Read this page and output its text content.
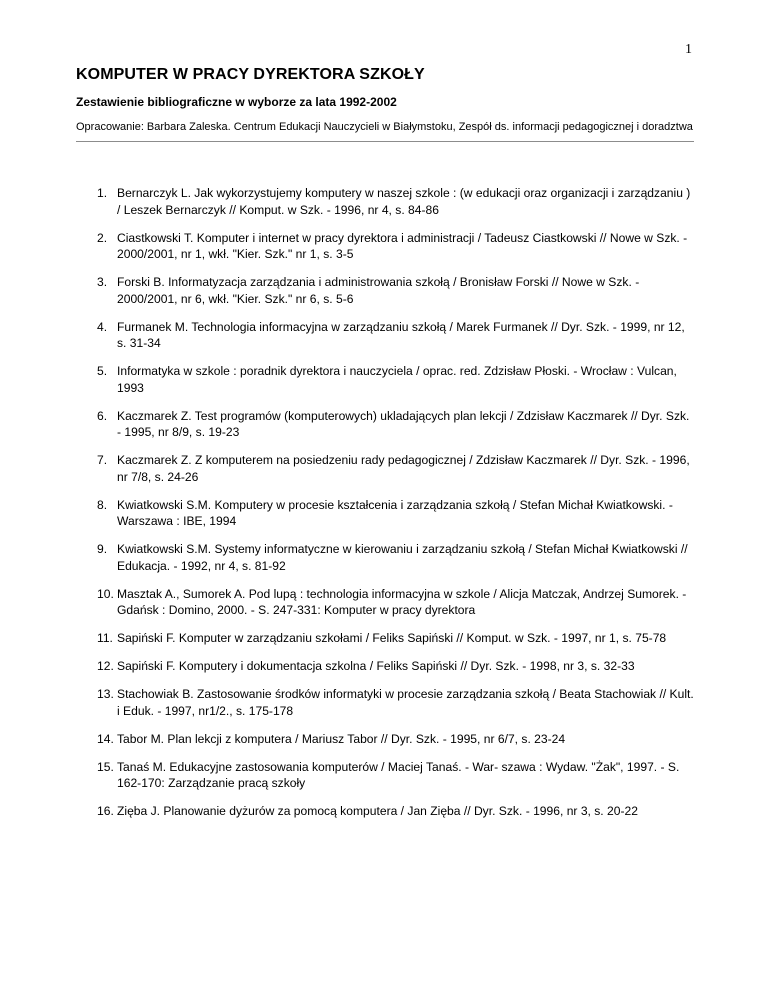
1
KOMPUTER W PRACY DYREKTORA SZKOŁY
Zestawienie bibliograficzne w wyborze za lata 1992-2002
Opracowanie: Barbara Zaleska. Centrum Edukacji Nauczycieli w Białymstoku, Zespół ds. informacji pedagogicznej i doradztwa
1. Bernarczyk L. Jak wykorzystujemy komputery w naszej szkole : (w edukacji oraz organizacji i zarządzaniu ) / Leszek Bernarczyk // Komput. w Szk. - 1996, nr 4, s. 84-86
2. Ciastkowski T. Komputer i internet w pracy dyrektora i administracji / Tadeusz Ciastkowski // Nowe w Szk. - 2000/2001, nr 1, wkł. "Kier. Szk." nr 1, s. 3-5
3. Forski B. Informatyzacja zarządzania i administrowania szkołą / Bronisław Forski // Nowe w Szk. - 2000/2001, nr 6, wkł. "Kier. Szk." nr 6, s. 5-6
4. Furmanek M. Technologia informacyjna w zarządzaniu szkołą / Marek Furmanek // Dyr. Szk. - 1999, nr 12, s. 31-34
5. Informatyka w szkole : poradnik dyrektora i nauczyciela / oprac. red. Zdzisław Płoski. - Wrocław : Vulcan, 1993
6. Kaczmarek Z. Test programów (komputerowych) ukladających plan lekcji / Zdzisław Kaczmarek // Dyr. Szk. - 1995, nr 8/9, s. 19-23
7. Kaczmarek Z. Z komputerem na posiedzeniu rady pedagogicznej / Zdzisław Kaczmarek // Dyr. Szk. - 1996, nr 7/8, s. 24-26
8. Kwiatkowski S.M. Komputery w procesie kształcenia i zarządzania szkołą / Stefan Michał Kwiatkowski. - Warszawa : IBE, 1994
9. Kwiatkowski S.M. Systemy informatyczne w kierowaniu i zarządzaniu szkołą / Stefan Michał Kwiatkowski // Edukacja. - 1992, nr 4, s. 81-92
10. Masztak A., Sumorek A. Pod lupą : technologia informacyjna w szkole / Alicja Matczak, Andrzej Sumorek. - Gdańsk : Domino, 2000. - S. 247-331: Komputer w pracy dyrektora
11. Sapiński F. Komputer w zarządzaniu szkołami / Feliks Sapiński // Komput. w Szk. - 1997, nr 1, s. 75-78
12. Sapiński F. Komputery i dokumentacja szkolna / Feliks Sapiński // Dyr. Szk. - 1998, nr 3, s. 32-33
13. Stachowiak B. Zastosowanie środków informatyki w procesie zarządzania szkołą / Beata Stachowiak // Kult. i Eduk. - 1997, nr1/2., s. 175-178
14. Tabor M. Plan lekcji z komputera / Mariusz Tabor // Dyr. Szk. - 1995, nr 6/7, s. 23-24
15. Tanaś M. Edukacyjne zastosowania komputerów / Maciej Tanaś. - War- szawa : Wydaw. "Żak", 1997. - S. 162-170: Zarządzanie pracą szkoły
16. Zięba J. Planowanie dyżurów za pomocą komputera / Jan Zięba // Dyr. Szk. - 1996, nr 3, s. 20-22
